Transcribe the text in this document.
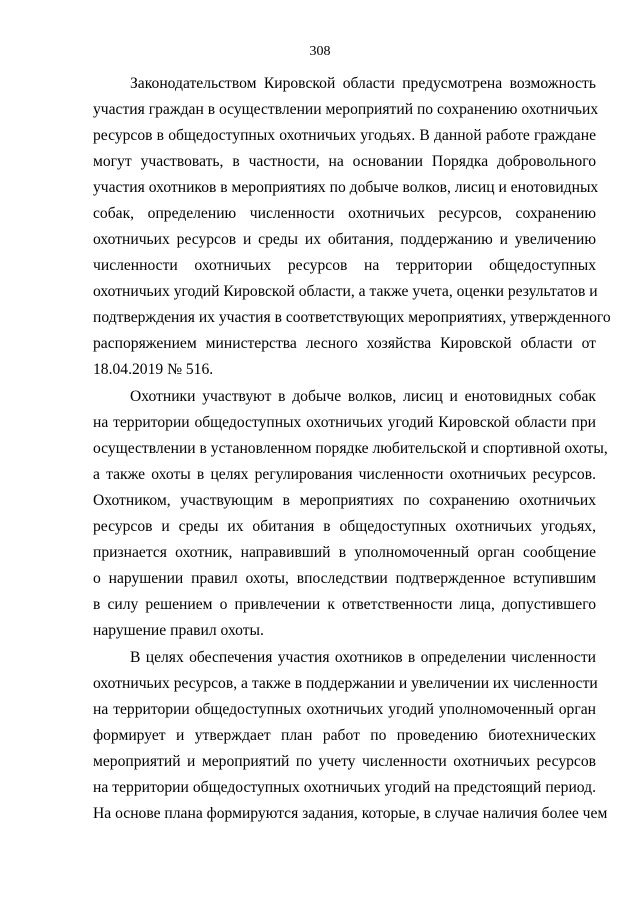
308
Законодательством Кировской области предусмотрена возможность
участия граждан в осуществлении мероприятий по сохранению охотничьих
ресурсов в общедоступных охотничьих угодьях. В данной работе граждане
могут участвовать, в частности, на основании Порядка добровольного
участия охотников в мероприятиях по добыче волков, лисиц и енотовидных
собак, определению численности охотничьих ресурсов, сохранению
охотничьих ресурсов и среды их обитания, поддержанию и увеличению
численности охотничьих ресурсов на территории общедоступных
охотничьих угодий Кировской области, а также учета, оценки результатов и
подтверждения их участия в соответствующих мероприятиях, утвержденного
распоряжением министерства лесного хозяйства Кировской области от
18.04.2019 № 516.
Охотники участвуют в добыче волков, лисиц и енотовидных собак
на территории общедоступных охотничьих угодий Кировской области при
осуществлении в установленном порядке любительской и спортивной охоты,
а также охоты в целях регулирования численности охотничьих ресурсов.
Охотником, участвующим в мероприятиях по сохранению охотничьих
ресурсов и среды их обитания в общедоступных охотничьих угодьях,
признается охотник, направивший в уполномоченный орган сообщение
о нарушении правил охоты, впоследствии подтвержденное вступившим
в силу решением о привлечении к ответственности лица, допустившего
нарушение правил охоты.
В целях обеспечения участия охотников в определении численности
охотничьих ресурсов, а также в поддержании и увеличении их численности
на территории общедоступных охотничьих угодий уполномоченный орган
формирует и утверждает план работ по проведению биотехнических
мероприятий и мероприятий по учету численности охотничьих ресурсов
на территории общедоступных охотничьих угодий на предстоящий период.
На основе плана формируются задания, которые, в случае наличия более чем
